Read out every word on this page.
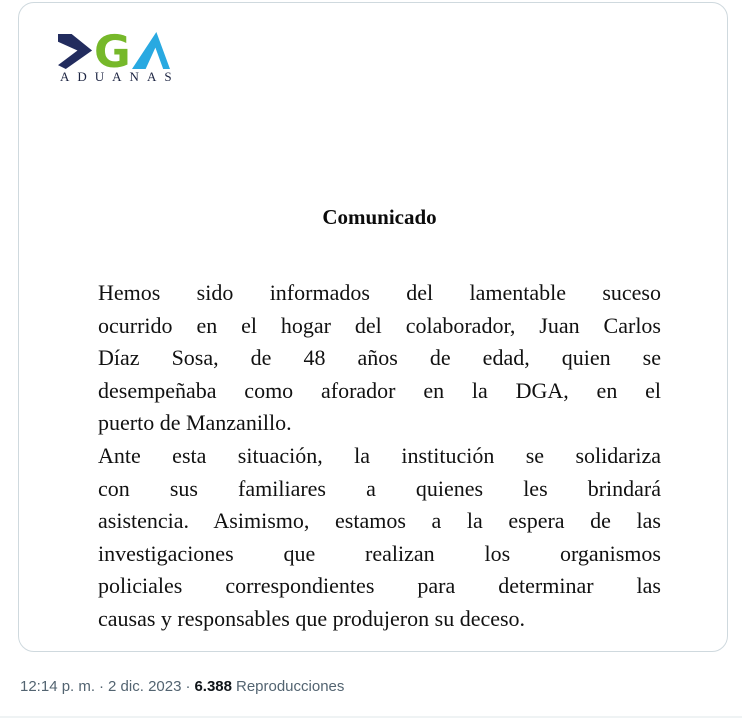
G
ADUANAS
Comunicado
Hemos sido informados del lamentable suceso
ocurrido en el hogar del colaborador, Juan Carlos
Díaz Sosa, de 48 años de edad, quien se
desempeñaba como aforador en la DGA, en el
puerto de Manzanillo.
Ante esta situación, la institución se solidariza
con sus familiares a quienes les brindará
asistencia. Asimismo, estamos a la espera de las
investigaciones que realizan los organismos
policiales correspondientes para determinar las
causas y responsables que produjeron su deceso.
12:14 p. m. · 2 dic. 2023 · 6.388 Reproducciones
